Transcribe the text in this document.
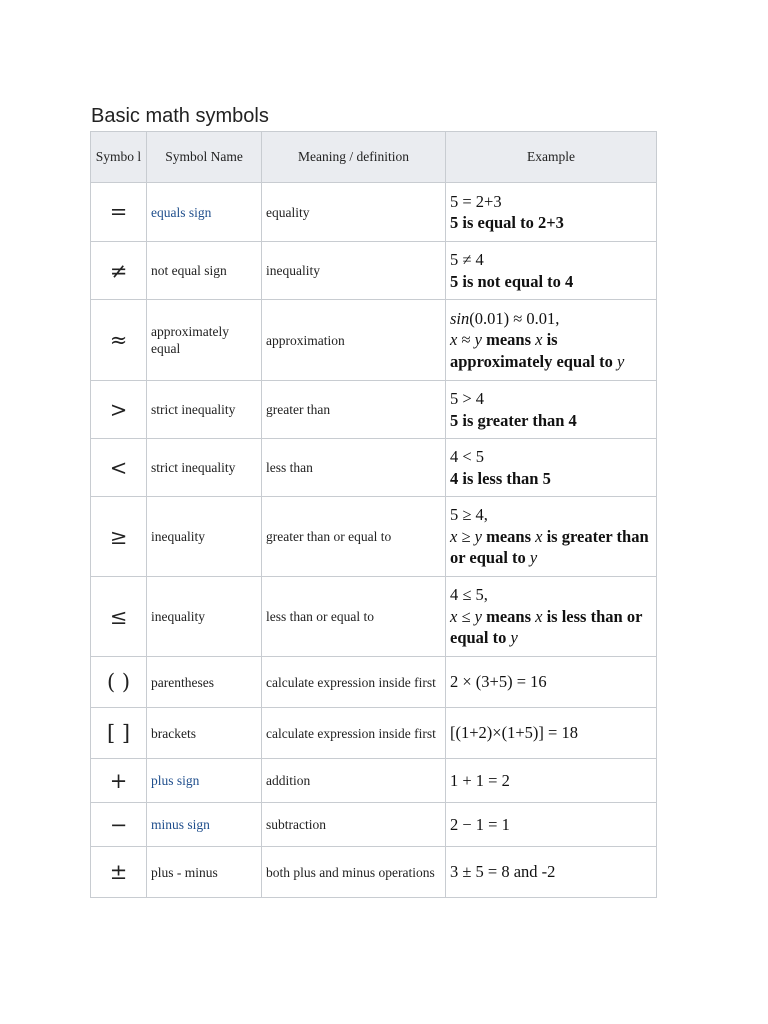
Basic math symbols
Symbo l	Symbol Name	Meaning / definition	Example
=	equals sign	equality	5 = 2+3
5 is equal to 2+3

≠	not equal sign	inequality	5 ≠ 4
5 is not equal to 4

≈	approximately equal	approximation	sin(0.01) ≈ 0.01,
x ≈ y means x is
approximately equal to y

>	strict inequality	greater than	5 > 4
5 is greater than 4

<	strict inequality	less than	4 < 5
4 is less than 5

≥	inequality	greater than or equal to	5 ≥ 4,
x ≥ y means x is greater than or equal to y

≤	inequality	less than or equal to	4 ≤ 5,
x ≤ y means x is less than or equal to y

( )	parentheses	calculate expression inside first	2 × (3+5) = 16

[ ]	brackets	calculate expression inside first	[(1+2)×(1+5)] = 18

+	plus sign	addition	1 + 1 = 2

−	minus sign	subtraction	2 − 1 = 1

±	plus - minus	both plus and minus operations	3 ± 5 = 8 and -2
